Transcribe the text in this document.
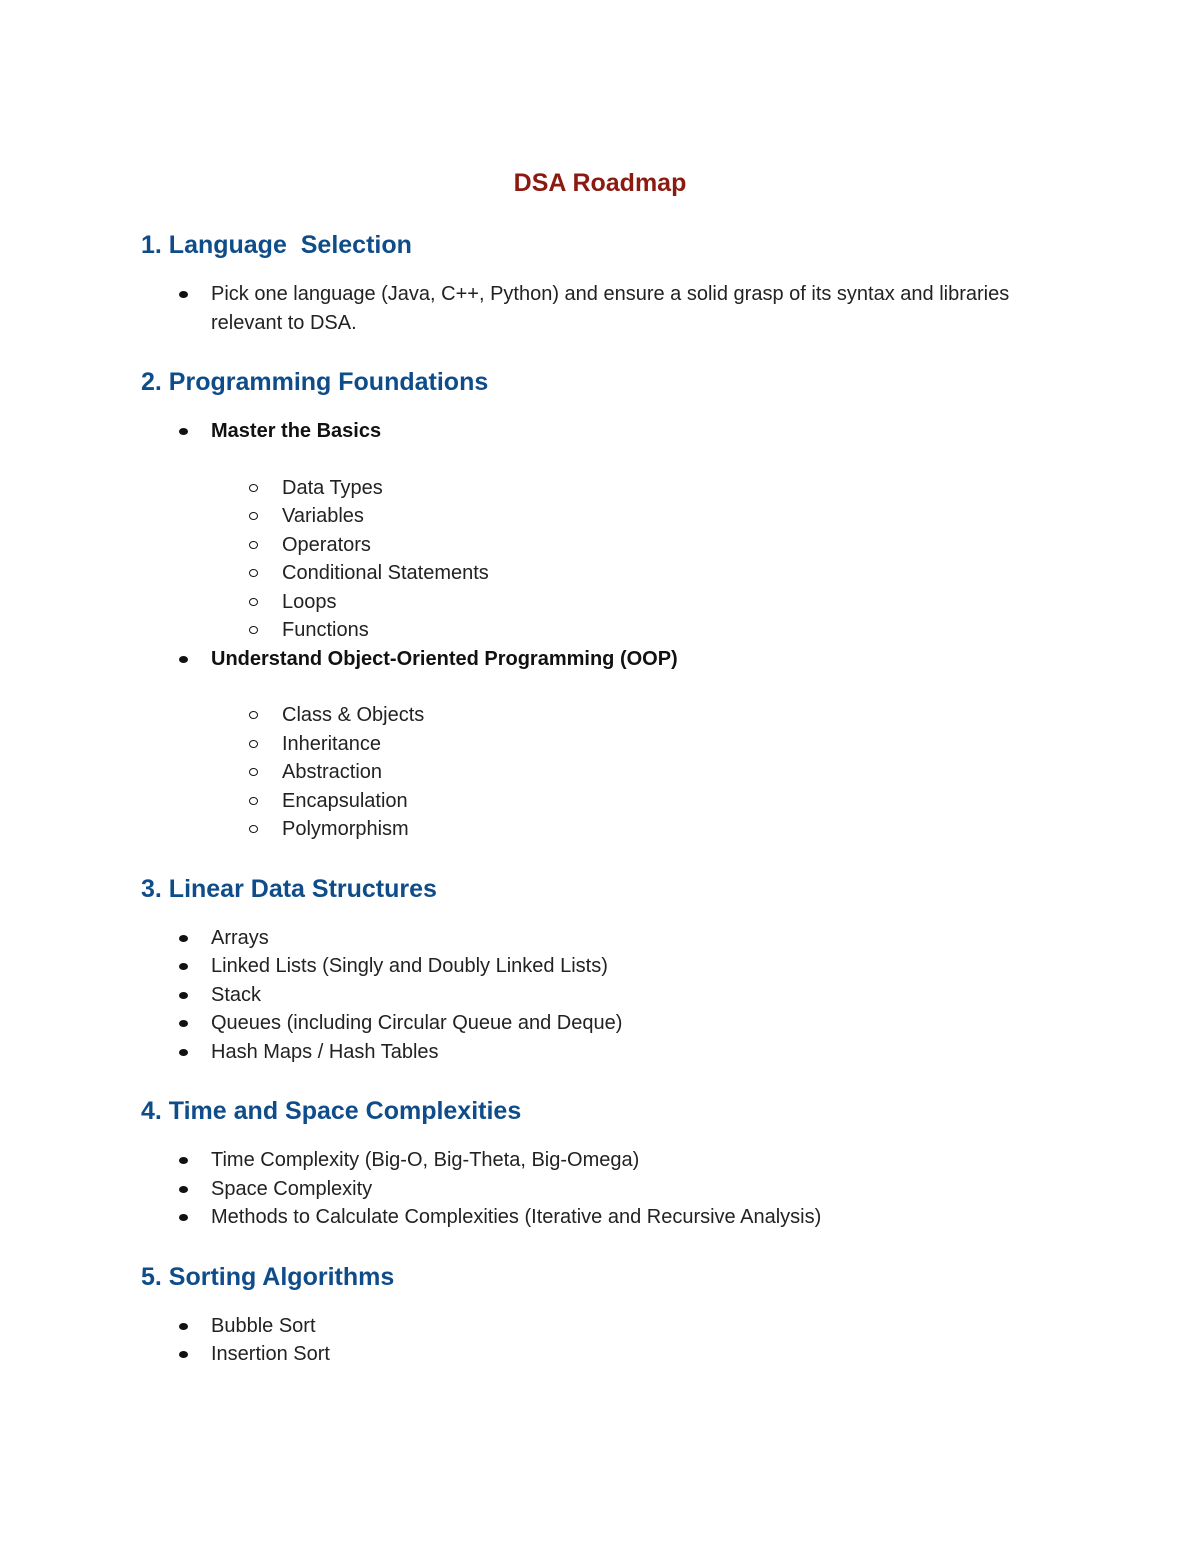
DSA Roadmap
1. Language  Selection
Pick one language (Java, C++, Python) and ensure a solid grasp of its syntax and libraries relevant to DSA.
2. Programming Foundations
Master the Basics
Data Types
Variables
Operators
Conditional Statements
Loops
Functions
Understand Object-Oriented Programming (OOP)
Class & Objects
Inheritance
Abstraction
Encapsulation
Polymorphism
3. Linear Data Structures
Arrays
Linked Lists (Singly and Doubly Linked Lists)
Stack
Queues (including Circular Queue and Deque)
Hash Maps / Hash Tables
4. Time and Space Complexities
Time Complexity (Big-O, Big-Theta, Big-Omega)
Space Complexity
Methods to Calculate Complexities (Iterative and Recursive Analysis)
5. Sorting Algorithms
Bubble Sort
Insertion Sort
